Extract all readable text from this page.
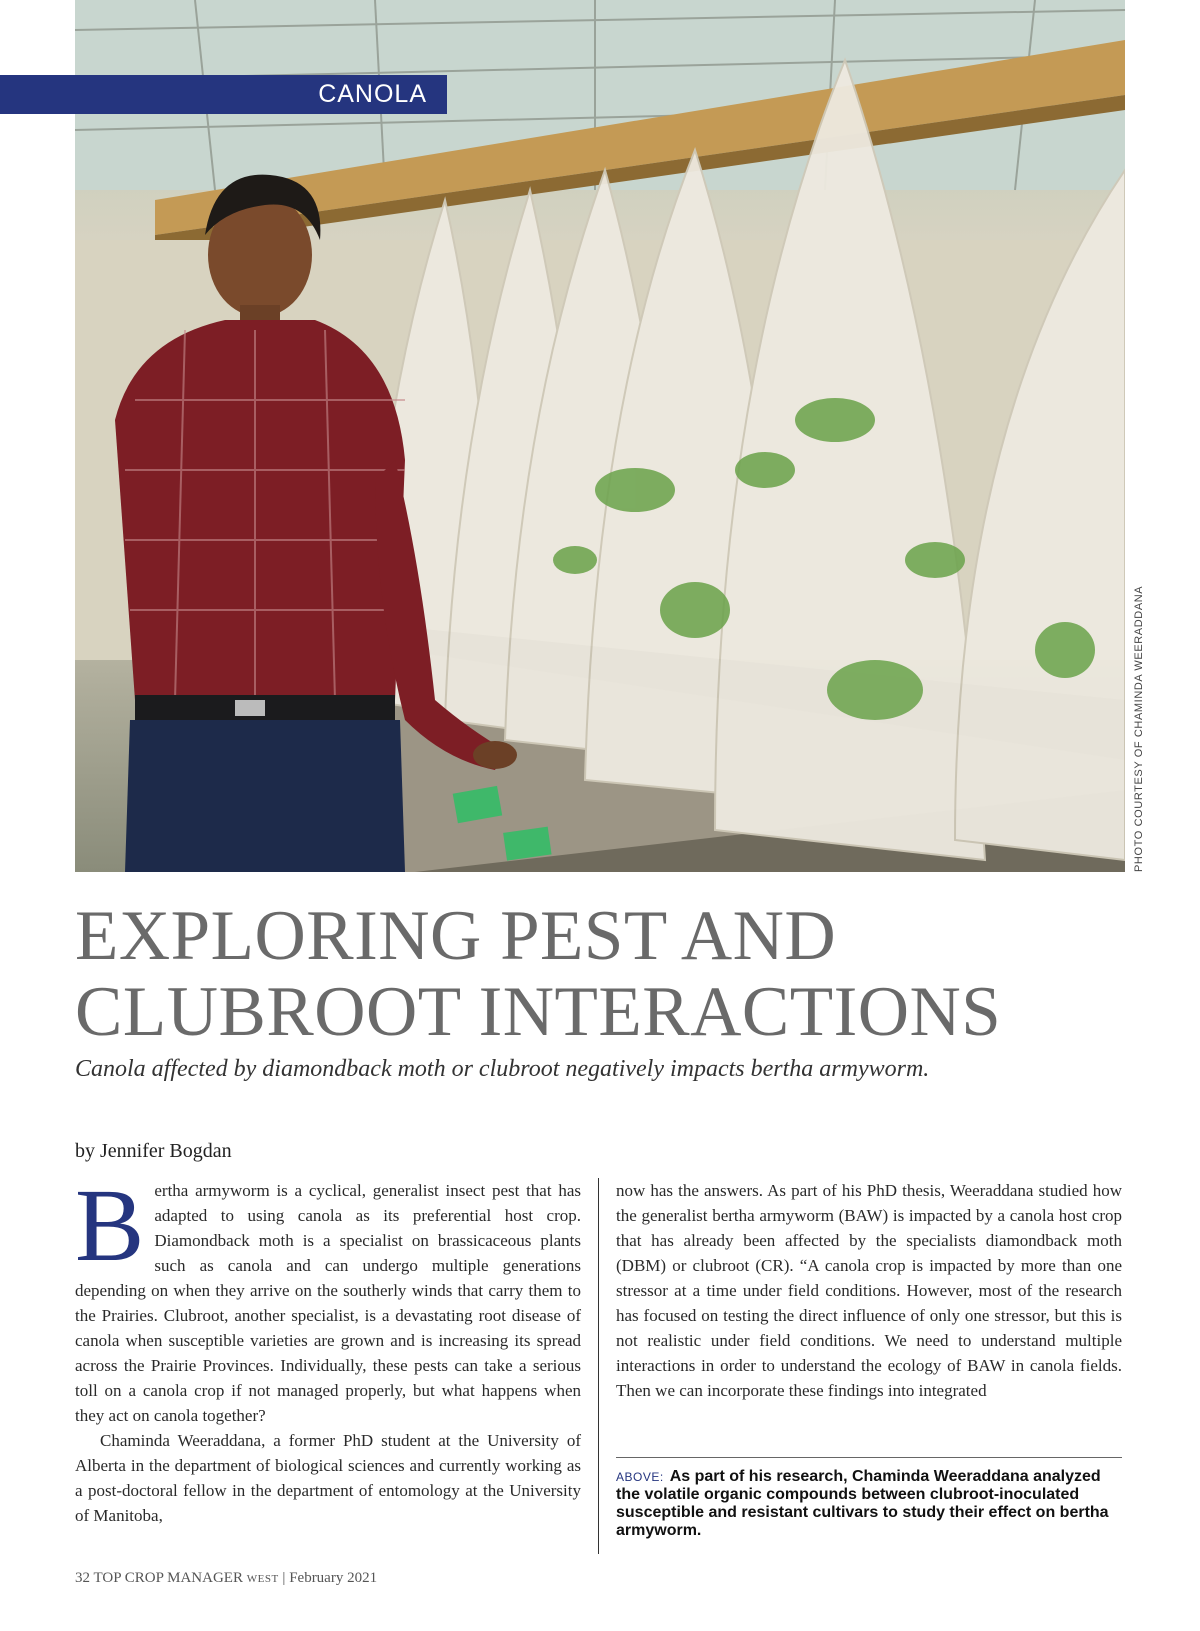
CANOLA
PHOTO COURTESY OF CHAMINDA WEERADDANA
EXPLORING PEST AND
CLUBROOT INTERACTIONS

Canola affected by diamondback moth or clubroot negatively impacts bertha armyworm.

by Jennifer Bogdan

Bertha armyworm is a cyclical, generalist insect pest that has adapted to using canola as its preferential host crop. Diamondback moth is a specialist on brassicaceous plants such as canola and can undergo multiple generations depending on when they arrive on the southerly winds that carry them to the Prairies. Clubroot, another specialist, is a devastating root disease of canola when susceptible varieties are grown and is increasing its spread across the Prairie Provinces. Individually, these pests can take a serious toll on a canola crop if not managed properly, but what happens when they act on canola together?

Chaminda Weeraddana, a former PhD student at the University of Alberta in the department of biological sciences and currently working as a post-doctoral fellow in the department of entomology at the University of Manitoba,

now has the answers. As part of his PhD thesis, Weeraddana studied how the generalist bertha armyworm (BAW) is impacted by a canola host crop that has already been affected by the specialists diamondback moth (DBM) or clubroot (CR). “A canola crop is impacted by more than one stressor at a time under field conditions. However, most of the research has focused on testing the direct influence of only one stressor, but this is not realistic under field conditions. We need to understand multiple interactions in order to understand the ecology of BAW in canola fields. Then we can incorporate these findings into integrated

ABOVE: As part of his research, Chaminda Weeraddana analyzed the volatile organic compounds between clubroot-inoculated susceptible and resistant cultivars to study their effect on bertha armyworm.
32 TOP CROP MANAGER WEST | February 2021
